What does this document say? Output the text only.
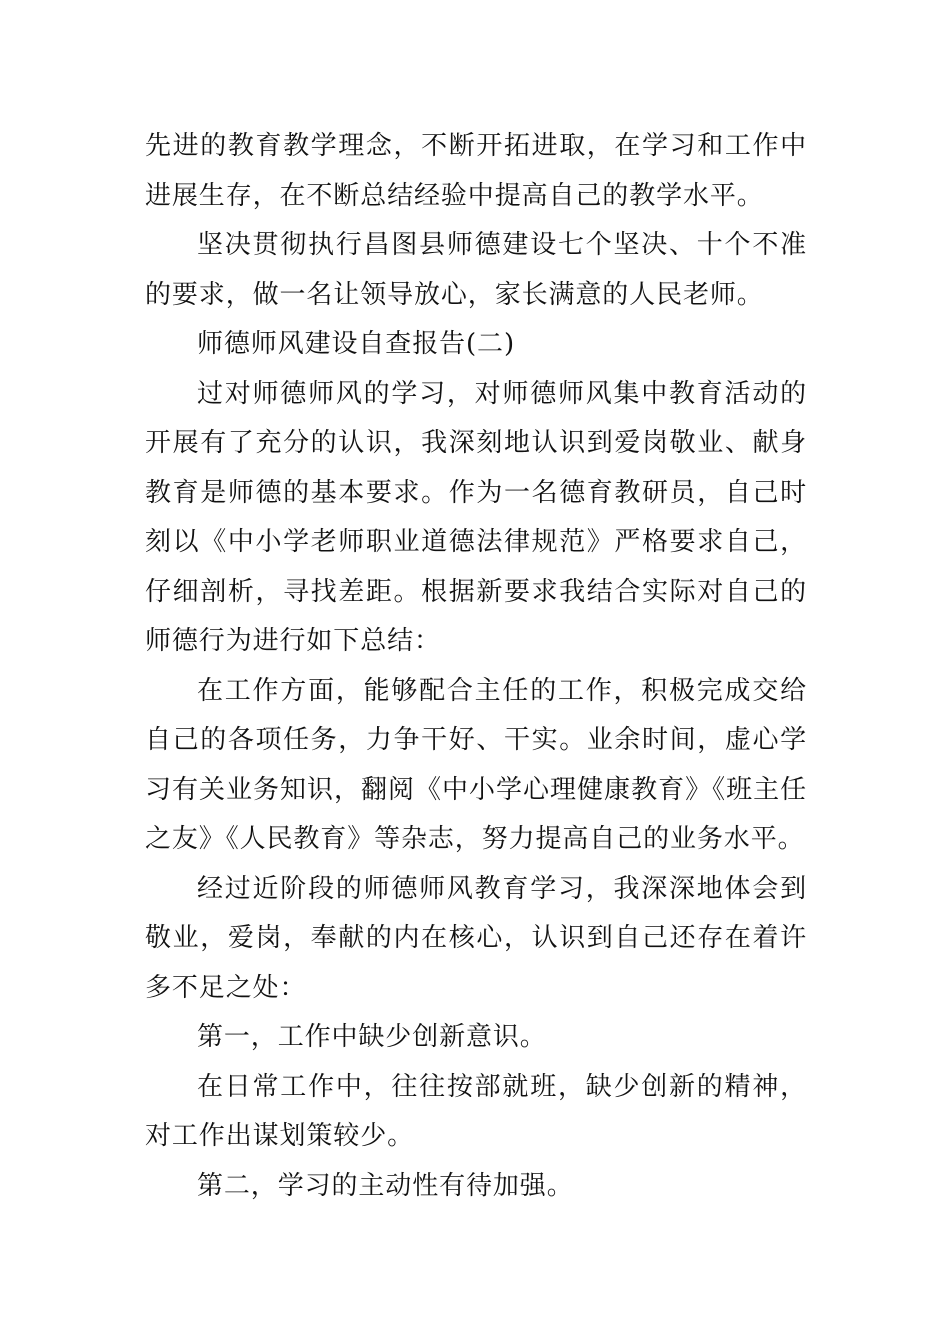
先进的教育教学理念，不断开拓进取，在学习和工作中进展生存，在不断总结经验中提高自己的教学水平。

坚决贯彻执行昌图县师德建设七个坚决、十个不准的要求，做一名让领导放心，家长满意的人民老师。

师德师风建设自查报告(二)

过对师德师风的学习，对师德师风集中教育活动的开展有了充分的认识，我深刻地认识到爱岗敬业、献身教育是师德的基本要求。作为一名德育教研员，自己时刻以《中小学老师职业道德法律规范》严格要求自己，仔细剖析，寻找差距。根据新要求我结合实际对自己的师德行为进行如下总结：

在工作方面，能够配合主任的工作，积极完成交给自己的各项任务，力争干好、干实。业余时间，虚心学习有关业务知识，翻阅《中小学心理健康教育》《班主任之友》《人民教育》等杂志，努力提高自己的业务水平。

经过近阶段的师德师风教育学习，我深深地体会到敬业，爱岗，奉献的内在核心，认识到自己还存在着许多不足之处：

第一，工作中缺少创新意识。

在日常工作中，往往按部就班，缺少创新的精神，对工作出谋划策较少。

第二，学习的主动性有待加强。
